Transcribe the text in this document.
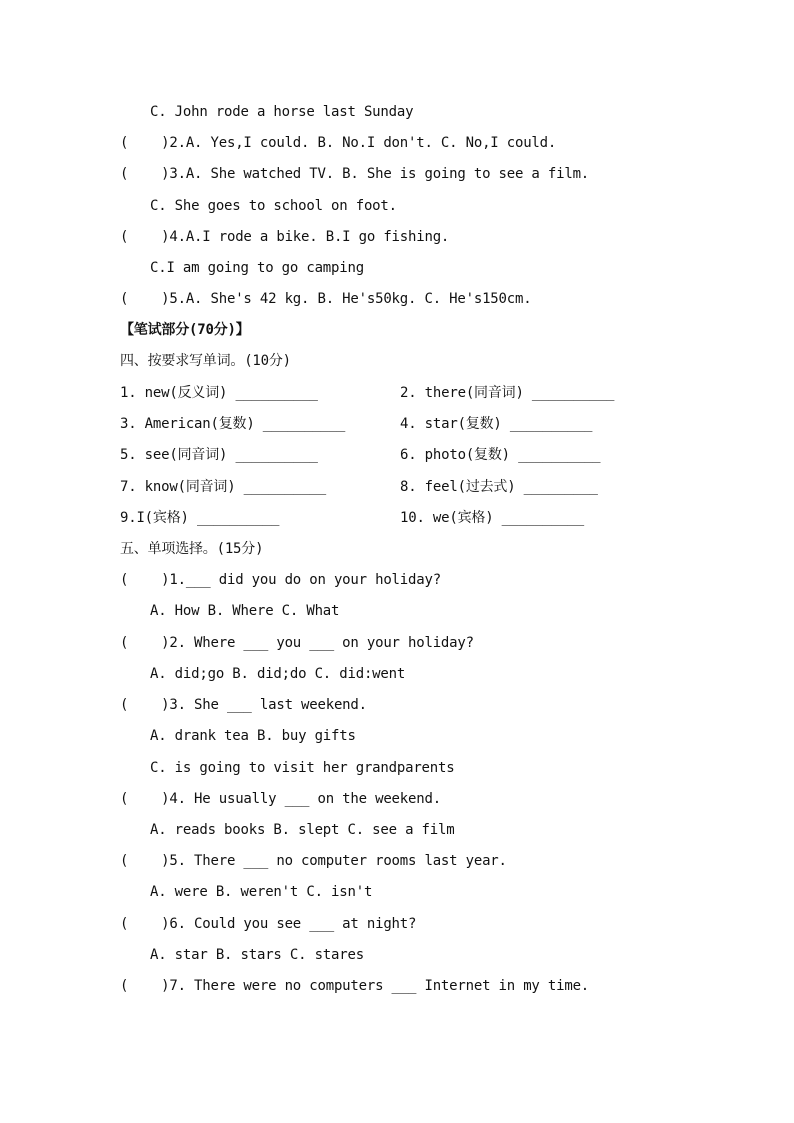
C. John rode a horse last Sunday
(    )2.A. Yes,I could. B. No.I don't. C. No,I could.
(    )3.A. She watched TV. B. She is going to see a film.
C. She goes to school on foot.
(    )4.A.I rode a bike. B.I go fishing.
C.I am going to go camping
(    )5.A. She's 42 kg. B. He's50kg. C. He's150cm.
【笔试部分(70分)】
四、按要求写单词。(10分)
1. new(反义词) __________	2. there(同音词) __________
3. American(复数) __________	4. star(复数) __________
5. see(同音词) __________	6. photo(复数) __________
7. know(同音词) __________	8. feel(过去式) _________
9.I(宾格) __________	10. we(宾格) __________
五、单项选择。(15分)
(    )1.___ did you do on your holiday?
A. How B. Where C. What
(    )2. Where ___ you ___ on your holiday?
A. did;go B. did;do C. did:went
(    )3. She ___ last weekend.
A. drank tea B. buy gifts
C. is going to visit her grandparents
(    )4. He usually ___ on the weekend.
A. reads books B. slept C. see a film
(    )5. There ___ no computer rooms last year.
A. were B. weren't C. isn't
(    )6. Could you see ___ at night?
A. star B. stars C. stares
(    )7. There were no computers ___ Internet in my time.
